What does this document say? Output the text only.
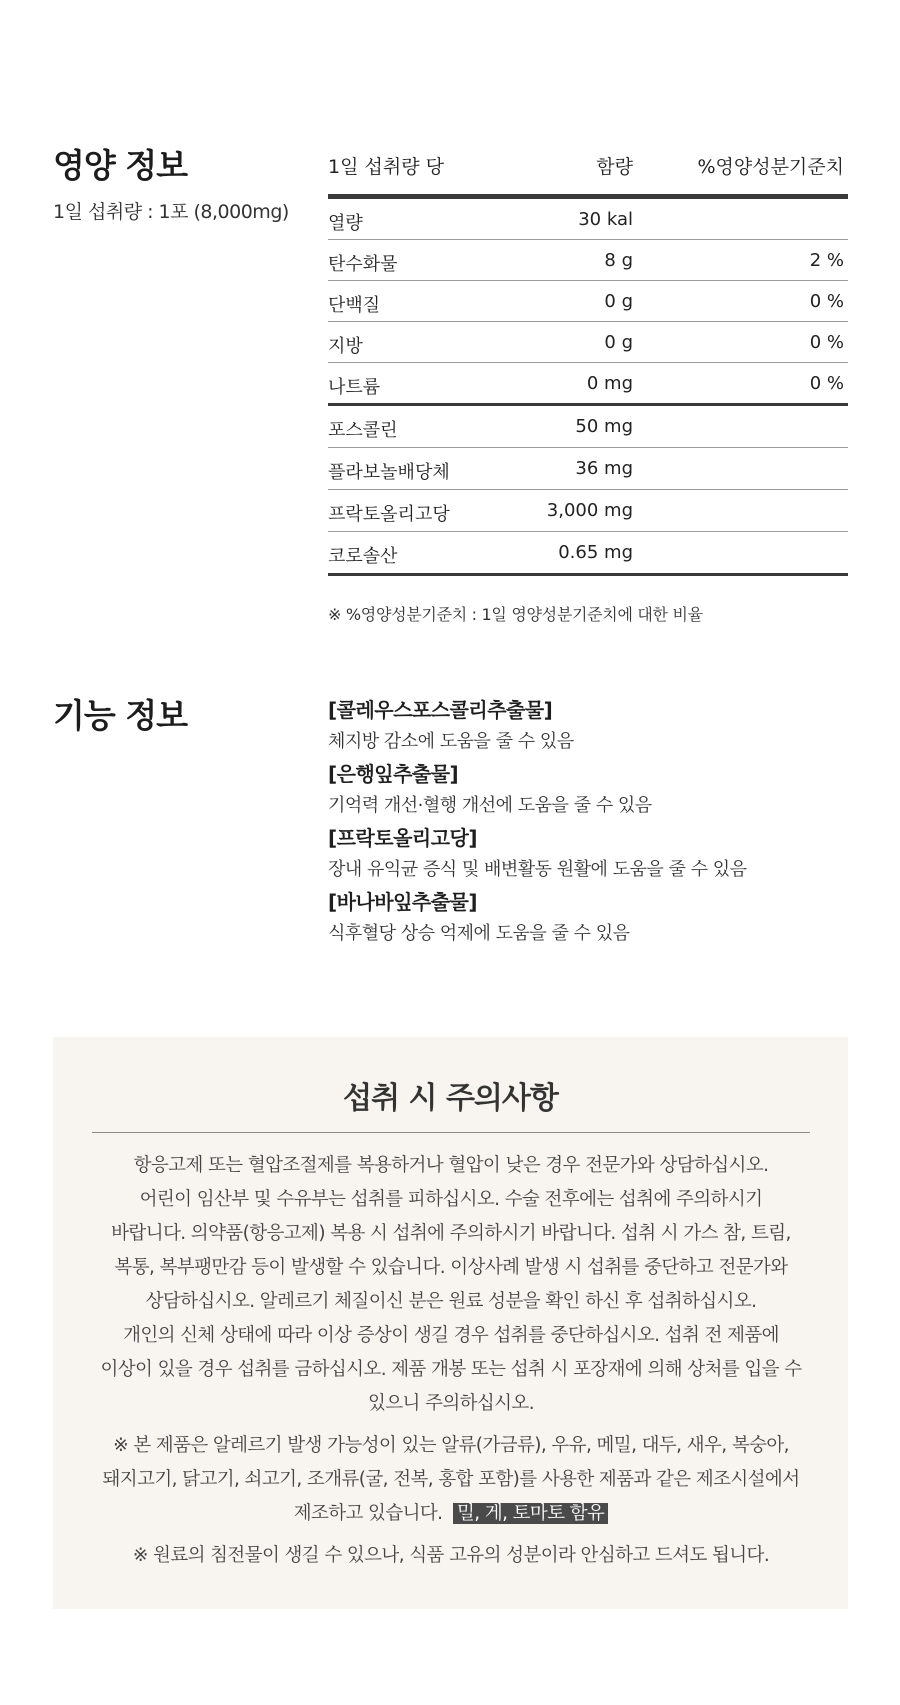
영양 정보
1일 섭취량 : 1포 (8,000mg)
1일 섭취량 당	함량	%영양성분기준치
열량	30 kal
탄수화물	8 g	2 %
단백질	0 g	0 %
지방	0 g	0 %
나트륨	0 mg	0 %
포스콜린	50 mg
플라보놀배당체	36 mg
프락토올리고당	3,000 mg
코로솔산	0.65 mg
※ %영양성분기준치 : 1일 영양성분기준치에 대한 비율
기능 정보	[콜레우스포스콜리추출물]
체지방 감소에 도움을 줄 수 있음
[은행잎추출물]
기억력 개선·혈행 개선에 도움을 줄 수 있음
[프락토올리고당]
장내 유익균 증식 및 배변활동 원활에 도움을 줄 수 있음
[바나바잎추출물]
식후혈당 상승 억제에 도움을 줄 수 있음
섭취 시 주의사항

항응고제 또는 혈압조절제를 복용하거나 혈압이 낮은 경우 전문가와 상담하십시오.

어린이 임산부 및 수유부는 섭취를 피하십시오. 수술 전후에는 섭취에 주의하시기

바랍니다. 의약품(항응고제) 복용 시 섭취에 주의하시기 바랍니다. 섭취 시 가스 참, 트림,

복통, 복부팽만감 등이 발생할 수 있습니다. 이상사례 발생 시 섭취를 중단하고 전문가와

상담하십시오. 알레르기 체질이신 분은 원료 성분을 확인 하신 후 섭취하십시오.

개인의 신체 상태에 따라 이상 증상이 생길 경우 섭취를 중단하십시오. 섭취 전 제품에

이상이 있을 경우 섭취를 금하십시오. 제품 개봉 또는 섭취 시 포장재에 의해 상처를 입을 수

있으니 주의하십시오.

※ 본 제품은 알레르기 발생 가능성이 있는 알류(가금류), 우유, 메밀, 대두, 새우, 복숭아,

돼지고기, 닭고기, 쇠고기, 조개류(굴, 전복, 홍합 포함)를 사용한 제품과 같은 제조시설에서

제조하고 있습니다. 밀, 게, 토마토 함유

※ 원료의 침전물이 생길 수 있으나, 식품 고유의 성분이라 안심하고 드셔도 됩니다.
